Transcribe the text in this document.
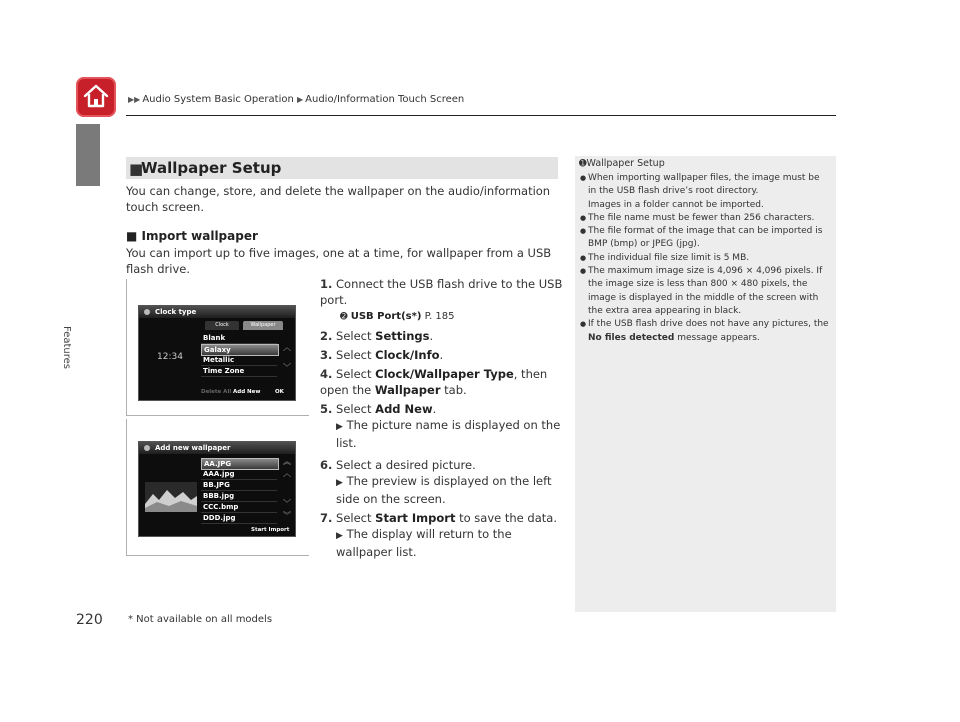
▶▶ Audio System Basic Operation ▶ Audio/Information Touch Screen
Features
■
Wallpaper Setup
You can change, store, and delete the wallpaper on the audio/information touch screen.
■ Import wallpaper
You can import up to five images, one at a time, for wallpaper from a USB flash drive.
Clock type
Clock	Wallpaper
12:34
Blank
Galaxy
Metallic
Time Zone
︿
﹀
Delete All Add New	OK
Add new wallpaper
AA.JPG
AAA.jpg
BB.JPG
BBB.jpg
CCC.bmp
DDD.jpg
︽
︿
﹀
︾
Start Import
1. Connect the USB flash drive to the USB port.
➋ USB Port(s*) P. 185
2. Select Settings.
3. Select Clock/Info.
4. Select Clock/Wallpaper Type, then open the Wallpaper tab.
5. Select Add New.
▶ The picture name is displayed on the list.
6. Select a desired picture.
▶ The preview is displayed on the left side on the screen.
7. Select Start Import to save the data.
▶ The display will return to the wallpaper list.
➊Wallpaper Setup
● When importing wallpaper files, the image must be in the USB flash drive’s root directory.
Images in a folder cannot be imported.
● The file name must be fewer than 256 characters.
● The file format of the image that can be imported is BMP (bmp) or JPEG (jpg).
● The individual file size limit is 5 MB.
● The maximum image size is 4,096 × 4,096 pixels. If the image size is less than 800 × 480 pixels, the image is displayed in the middle of the screen with the extra area appearing in black.
● If the USB flash drive does not have any pictures, the No files detected message appears.
220	* Not available on all models
